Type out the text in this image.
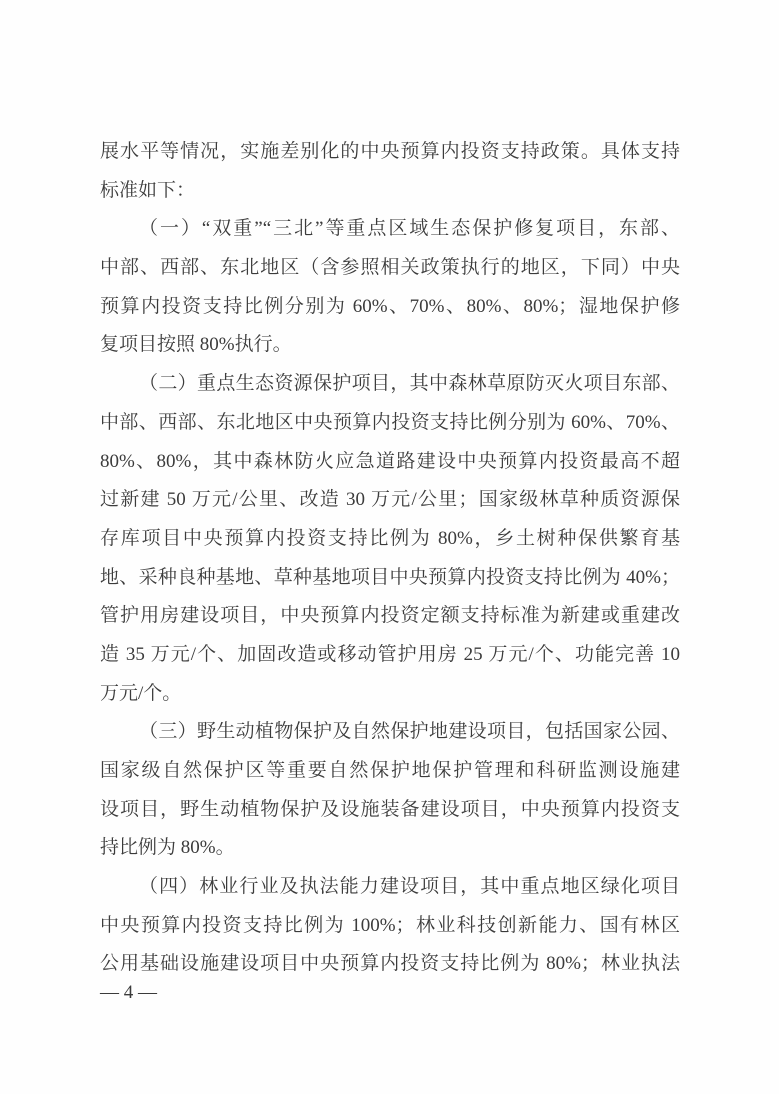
展水平等情况，实施差别化的中央预算内投资支持政策。具体支持
标准如下：
（一）“双重”“三北”等重点区域生态保护修复项目，东部、
中部、西部、东北地区（含参照相关政策执行的地区，下同）中央
预算内投资支持比例分别为 60%、70%、80%、80%；湿地保护修
复项目按照 80%执行。
（二）重点生态资源保护项目，其中森林草原防灭火项目东部、
中部、西部、东北地区中央预算内投资支持比例分别为 60%、70%、
80%、80%，其中森林防火应急道路建设中央预算内投资最高不超
过新建 50 万元/公里、改造 30 万元/公里；国家级林草种质资源保
存库项目中央预算内投资支持比例为 80%，乡土树种保供繁育基
地、采种良种基地、草种基地项目中央预算内投资支持比例为 40%；
管护用房建设项目，中央预算内投资定额支持标准为新建或重建改
造 35 万元/个、加固改造或移动管护用房 25 万元/个、功能完善 10
万元/个。
（三）野生动植物保护及自然保护地建设项目，包括国家公园、
国家级自然保护区等重要自然保护地保护管理和科研监测设施建
设项目，野生动植物保护及设施装备建设项目，中央预算内投资支
持比例为 80%。
（四）林业行业及执法能力建设项目，其中重点地区绿化项目
中央预算内投资支持比例为 100%；林业科技创新能力、国有林区
公用基础设施建设项目中央预算内投资支持比例为 80%；林业执法
— 4 —
